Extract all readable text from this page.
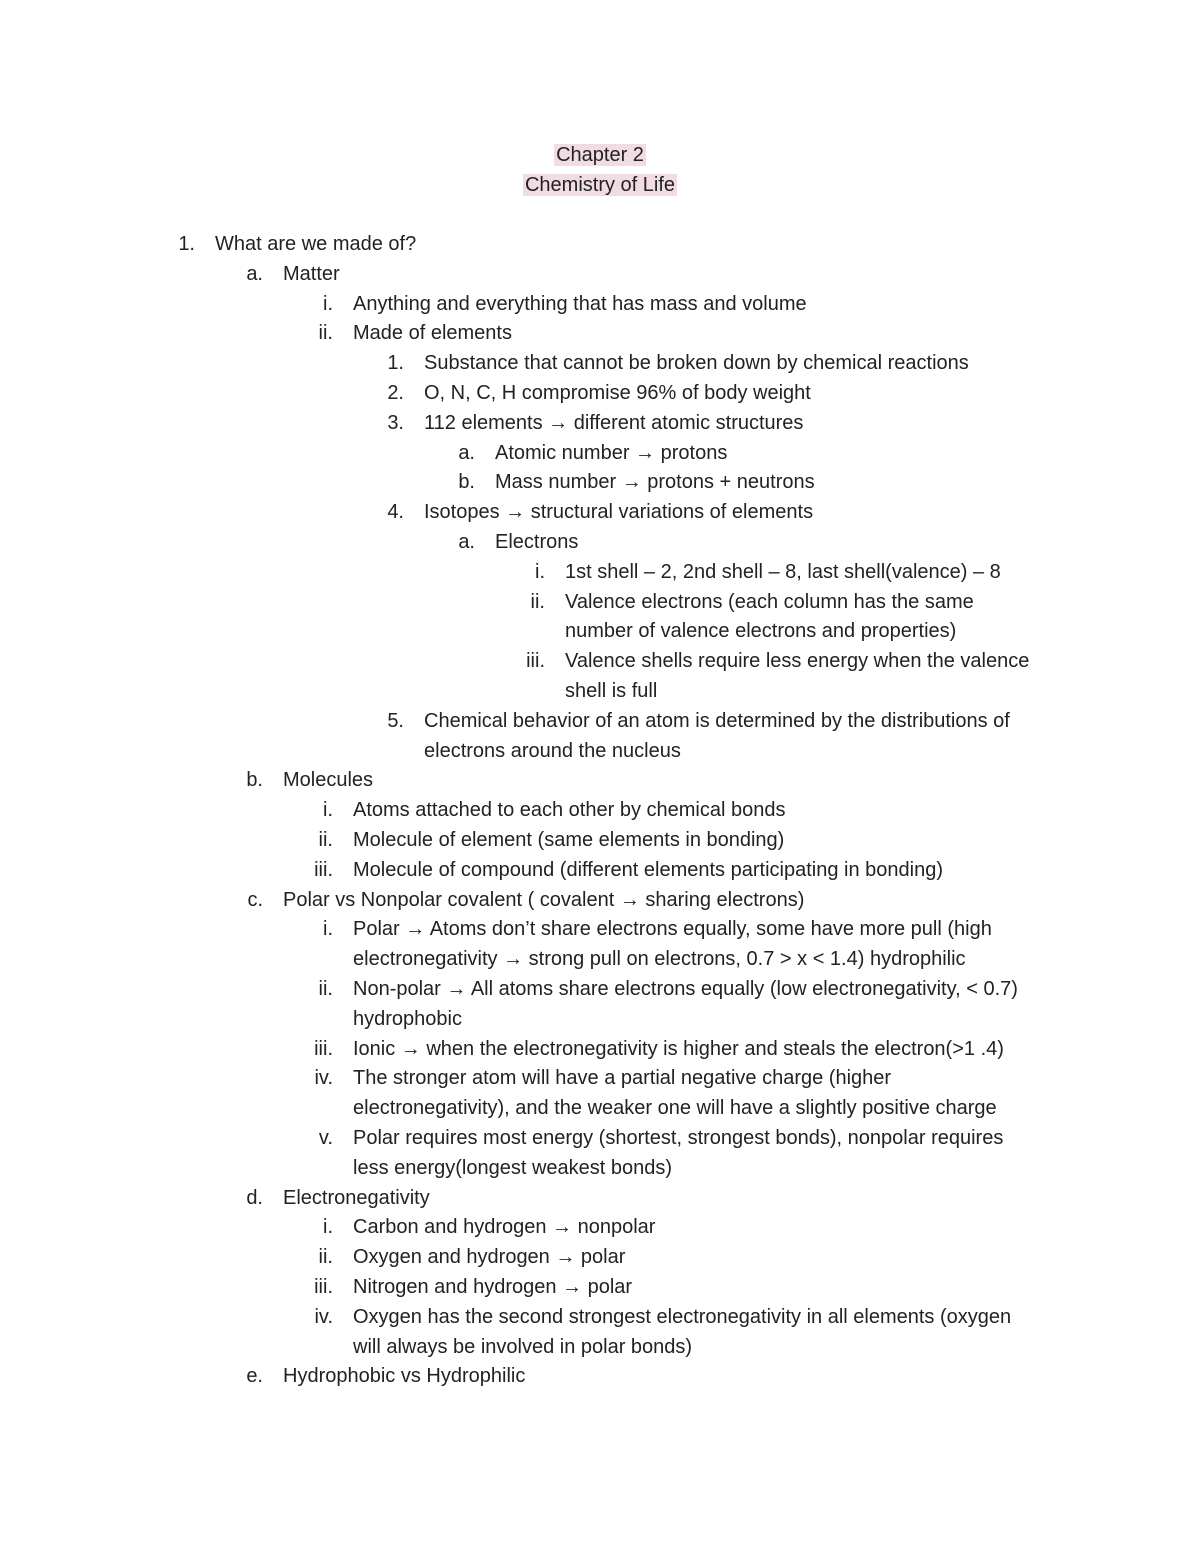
Chapter 2
Chemistry of Life
1. What are we made of?
a. Matter
i. Anything and everything that has mass and volume
ii. Made of elements
1. Substance that cannot be broken down by chemical reactions
2. O, N, C, H compromise 96% of body weight
3. 112 elements → different atomic structures
a. Atomic number → protons
b. Mass number → protons + neutrons
4. Isotopes → structural variations of elements
a. Electrons
i. 1st shell – 2, 2nd shell – 8, last shell(valence) – 8
ii. Valence electrons (each column has the same
number of valence electrons and properties)
iii. Valence shells require less energy when the valence
shell is full
5. Chemical behavior of an atom is determined by the distributions of
electrons around the nucleus
b. Molecules
i. Atoms attached to each other by chemical bonds
ii. Molecule of element (same elements in bonding)
iii. Molecule of compound (different elements participating in bonding)
c. Polar vs Nonpolar covalent ( covalent → sharing electrons)
i. Polar → Atoms don’t share electrons equally, some have more pull (high
electronegativity → strong pull on electrons, 0.7 > x < 1.4) hydrophilic
ii. Non-polar → All atoms share electrons equally (low electronegativity, < 0.7)
hydrophobic
iii. Ionic → when the electronegativity is higher and steals the electron(>1 .4)
iv. The stronger atom will have a partial negative charge (higher
electronegativity), and the weaker one will have a slightly positive charge
v. Polar requires most energy (shortest, strongest bonds), nonpolar requires
less energy(longest weakest bonds)
d. Electronegativity
i. Carbon and hydrogen → nonpolar
ii. Oxygen and hydrogen → polar
iii. Nitrogen and hydrogen → polar
iv. Oxygen has the second strongest electronegativity in all elements (oxygen
will always be involved in polar bonds)
e. Hydrophobic vs Hydrophilic
